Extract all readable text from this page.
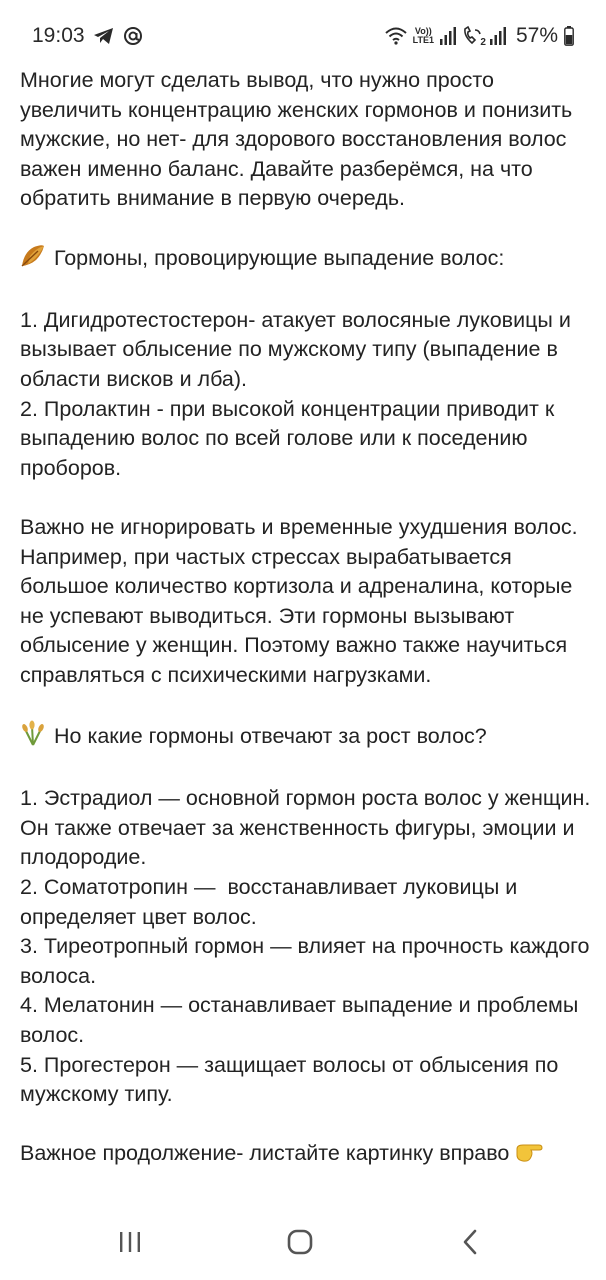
19:03	Vo))
LTE1	2 57%

Многие могут сделать вывод, что нужно просто увеличить концентрацию женских гормонов и понизить мужские, но нет- для здорового восстановления волос важен именно баланс. Давайте разберёмся, на что обратить внимание в первую очередь.

Гормоны, провоцирующие выпадение волос:

1. Дигидротестостерон- атакует волосяные луковицы и вызывает облысение по мужскому типу (выпадение в области висков и лба).

2. Пролактин - при высокой концентрации приводит к выпадению волос по всей голове или к поседению проборов.

Важно не игнорировать и временные ухудшения волос. Например, при частых стрессах вырабатывается большое количество кортизола и адреналина, которые не успевают выводиться. Эти гормоны вызывают облысение у женщин. Поэтому важно также научиться справляться с психическими нагрузками.

Но какие гормоны отвечают за рост волос?

1. Эстрадиол — основной гормон роста волос у женщин. Он также отвечает за женственность фигуры, эмоции и плодородие.

2. Соматотропин —  восстанавливает луковицы и определяет цвет волос.

3. Тиреотропный гормон — влияет на прочность каждого волоса.

4. Мелатонин — останавливает выпадение и проблемы волос.

5. Прогестерон — защищает волосы от облысения по мужскому типу.

Важное продолжение- листайте картинку вправо
